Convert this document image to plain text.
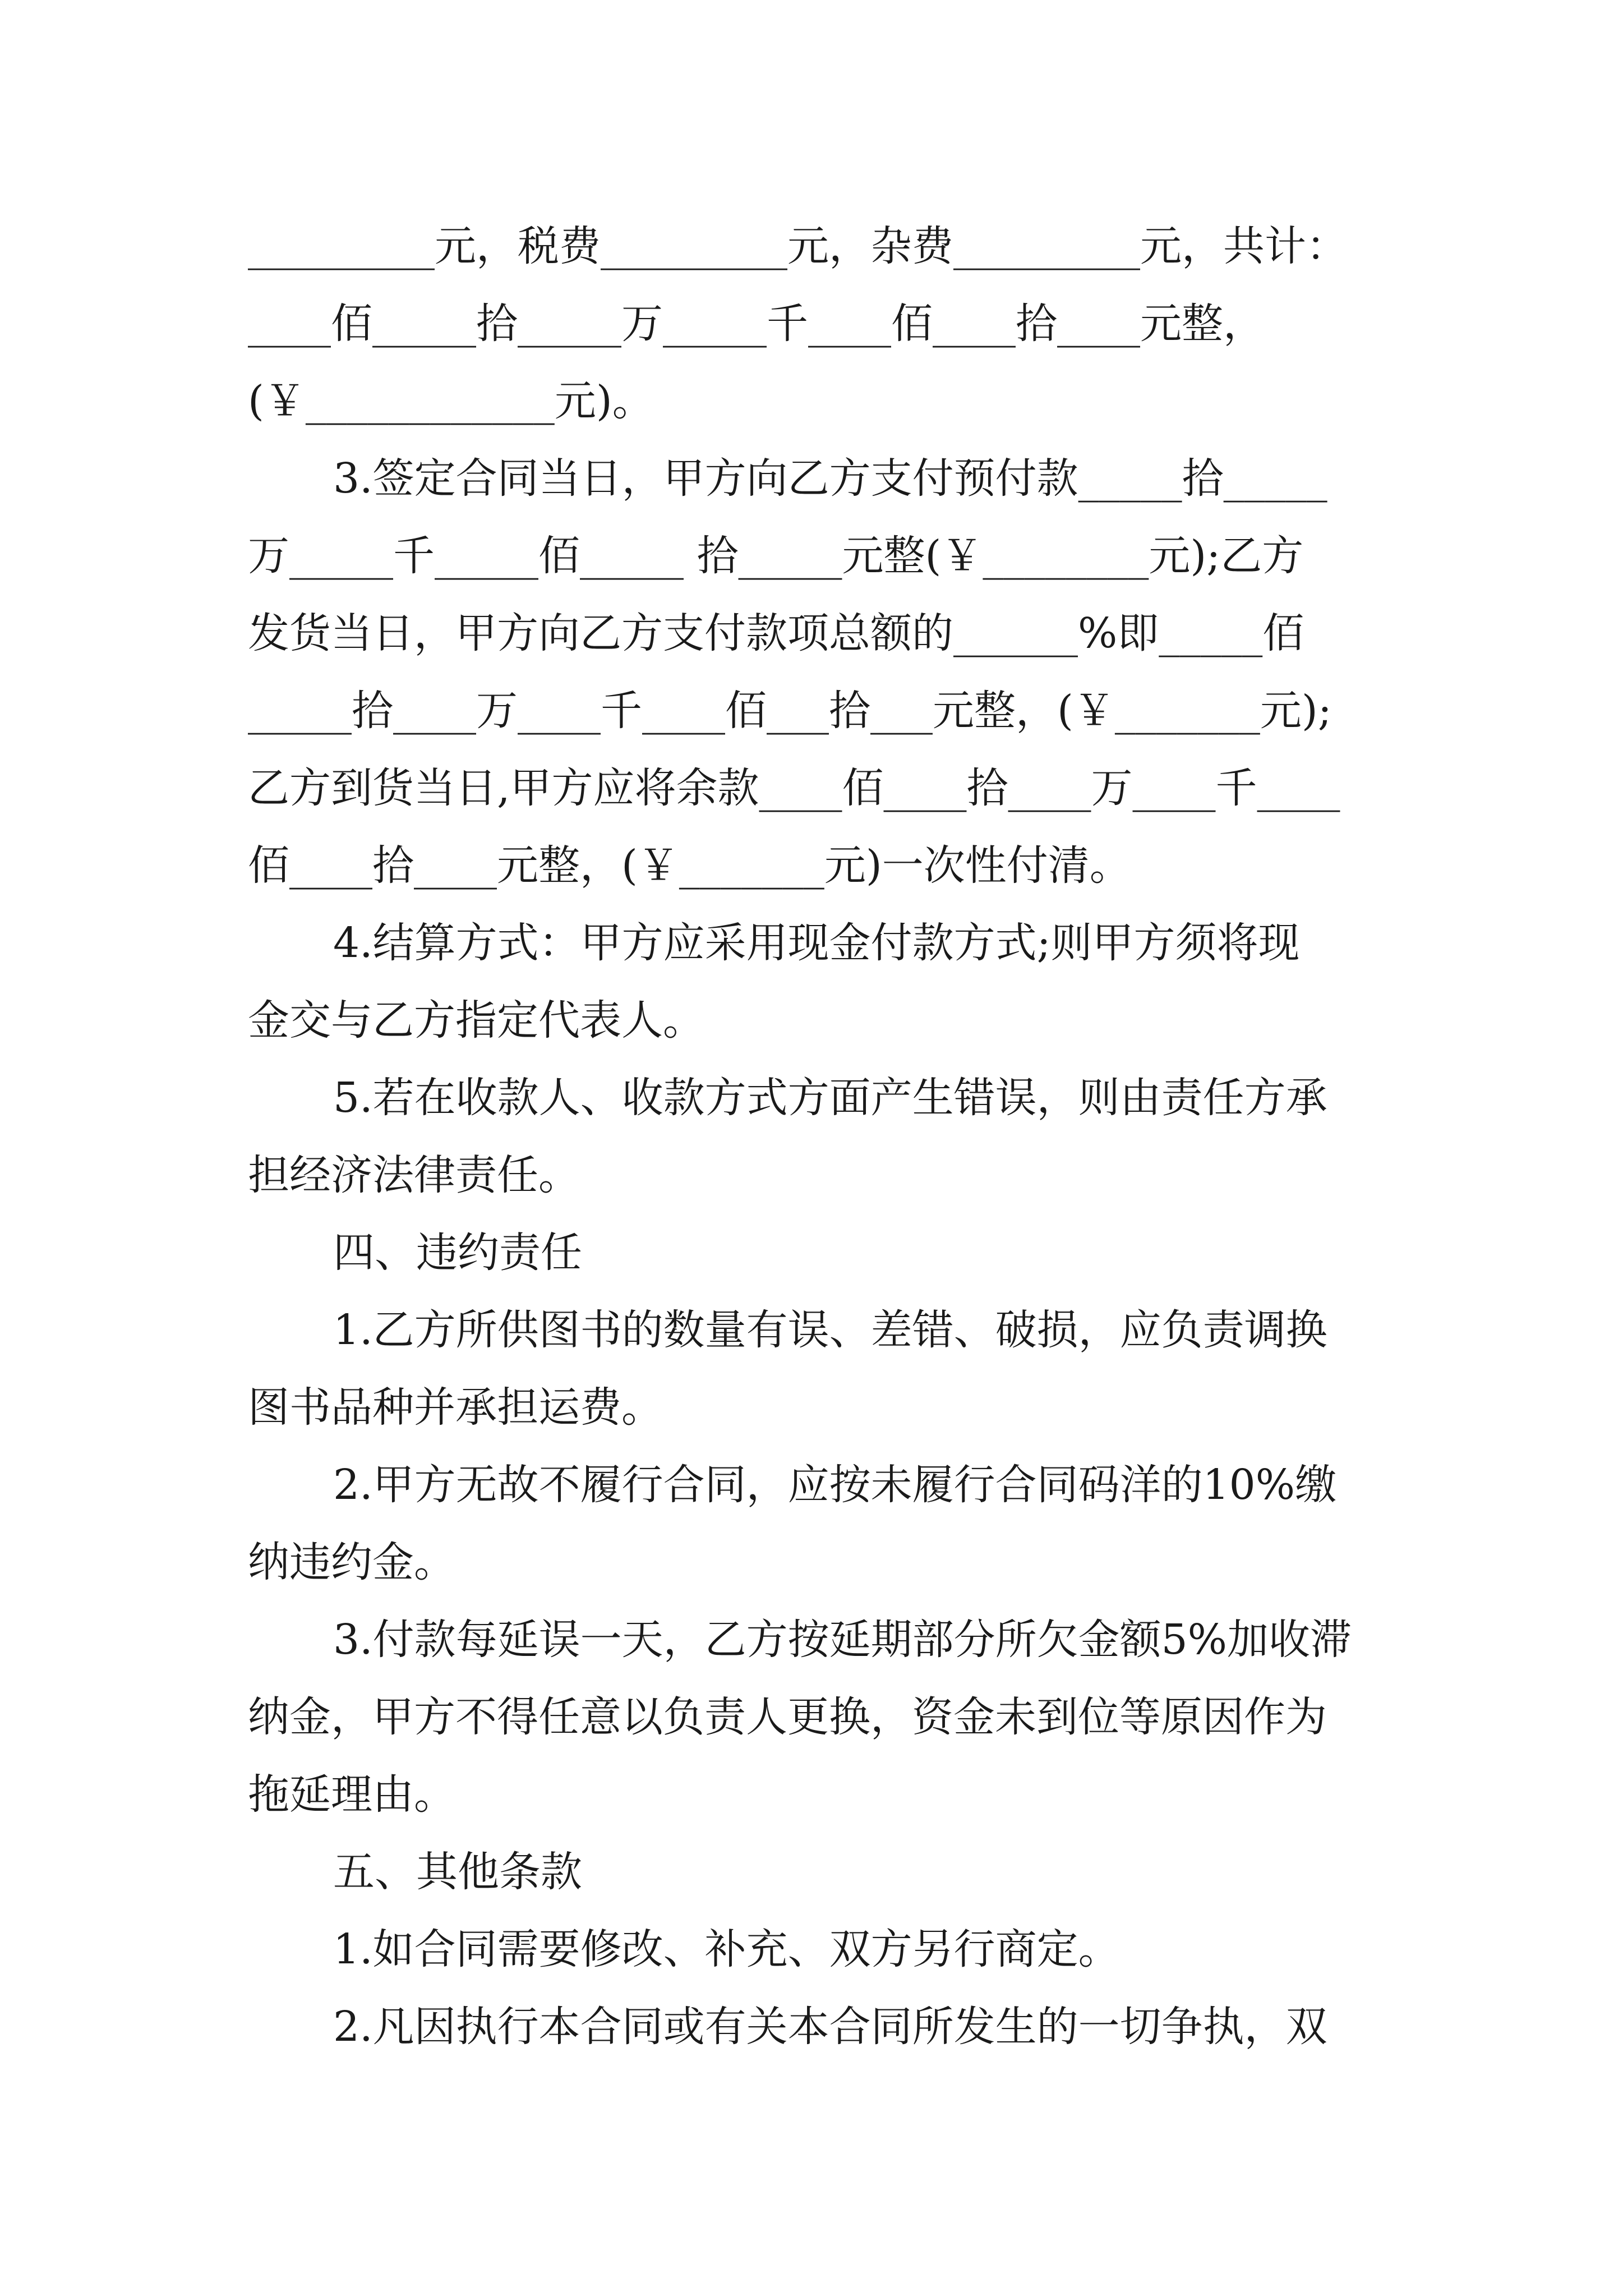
_________元，税费_________元，杂费_________元，共计：
____佰_____拾_____万_____千____佰____拾____元整，
(￥____________元)。
3.签定合同当日，甲方向乙方支付预付款_____拾_____
万_____千_____佰_____ 拾_____元整(￥________元);乙方
发货当日，甲方向乙方支付款项总额的______%即_____佰
_____拾____万____千____佰___拾___元整，(￥_______元);
乙方到货当日,甲方应将余款____佰____拾____万____千____
佰____拾____元整，(￥_______元)一次性付清。
4.结算方式：甲方应采用现金付款方式;则甲方须将现
金交与乙方指定代表人。
5.若在收款人、收款方式方面产生错误，则由责任方承
担经济法律责任。
四、违约责任
1.乙方所供图书的数量有误、差错、破损，应负责调换
图书品种并承担运费。
2.甲方无故不履行合同，应按未履行合同码洋的10%缴
纳违约金。
3.付款每延误一天，乙方按延期部分所欠金额5%加收滞
纳金，甲方不得任意以负责人更换，资金未到位等原因作为
拖延理由。
五、其他条款
1.如合同需要修改、补充、双方另行商定。
2.凡因执行本合同或有关本合同所发生的一切争执，双
